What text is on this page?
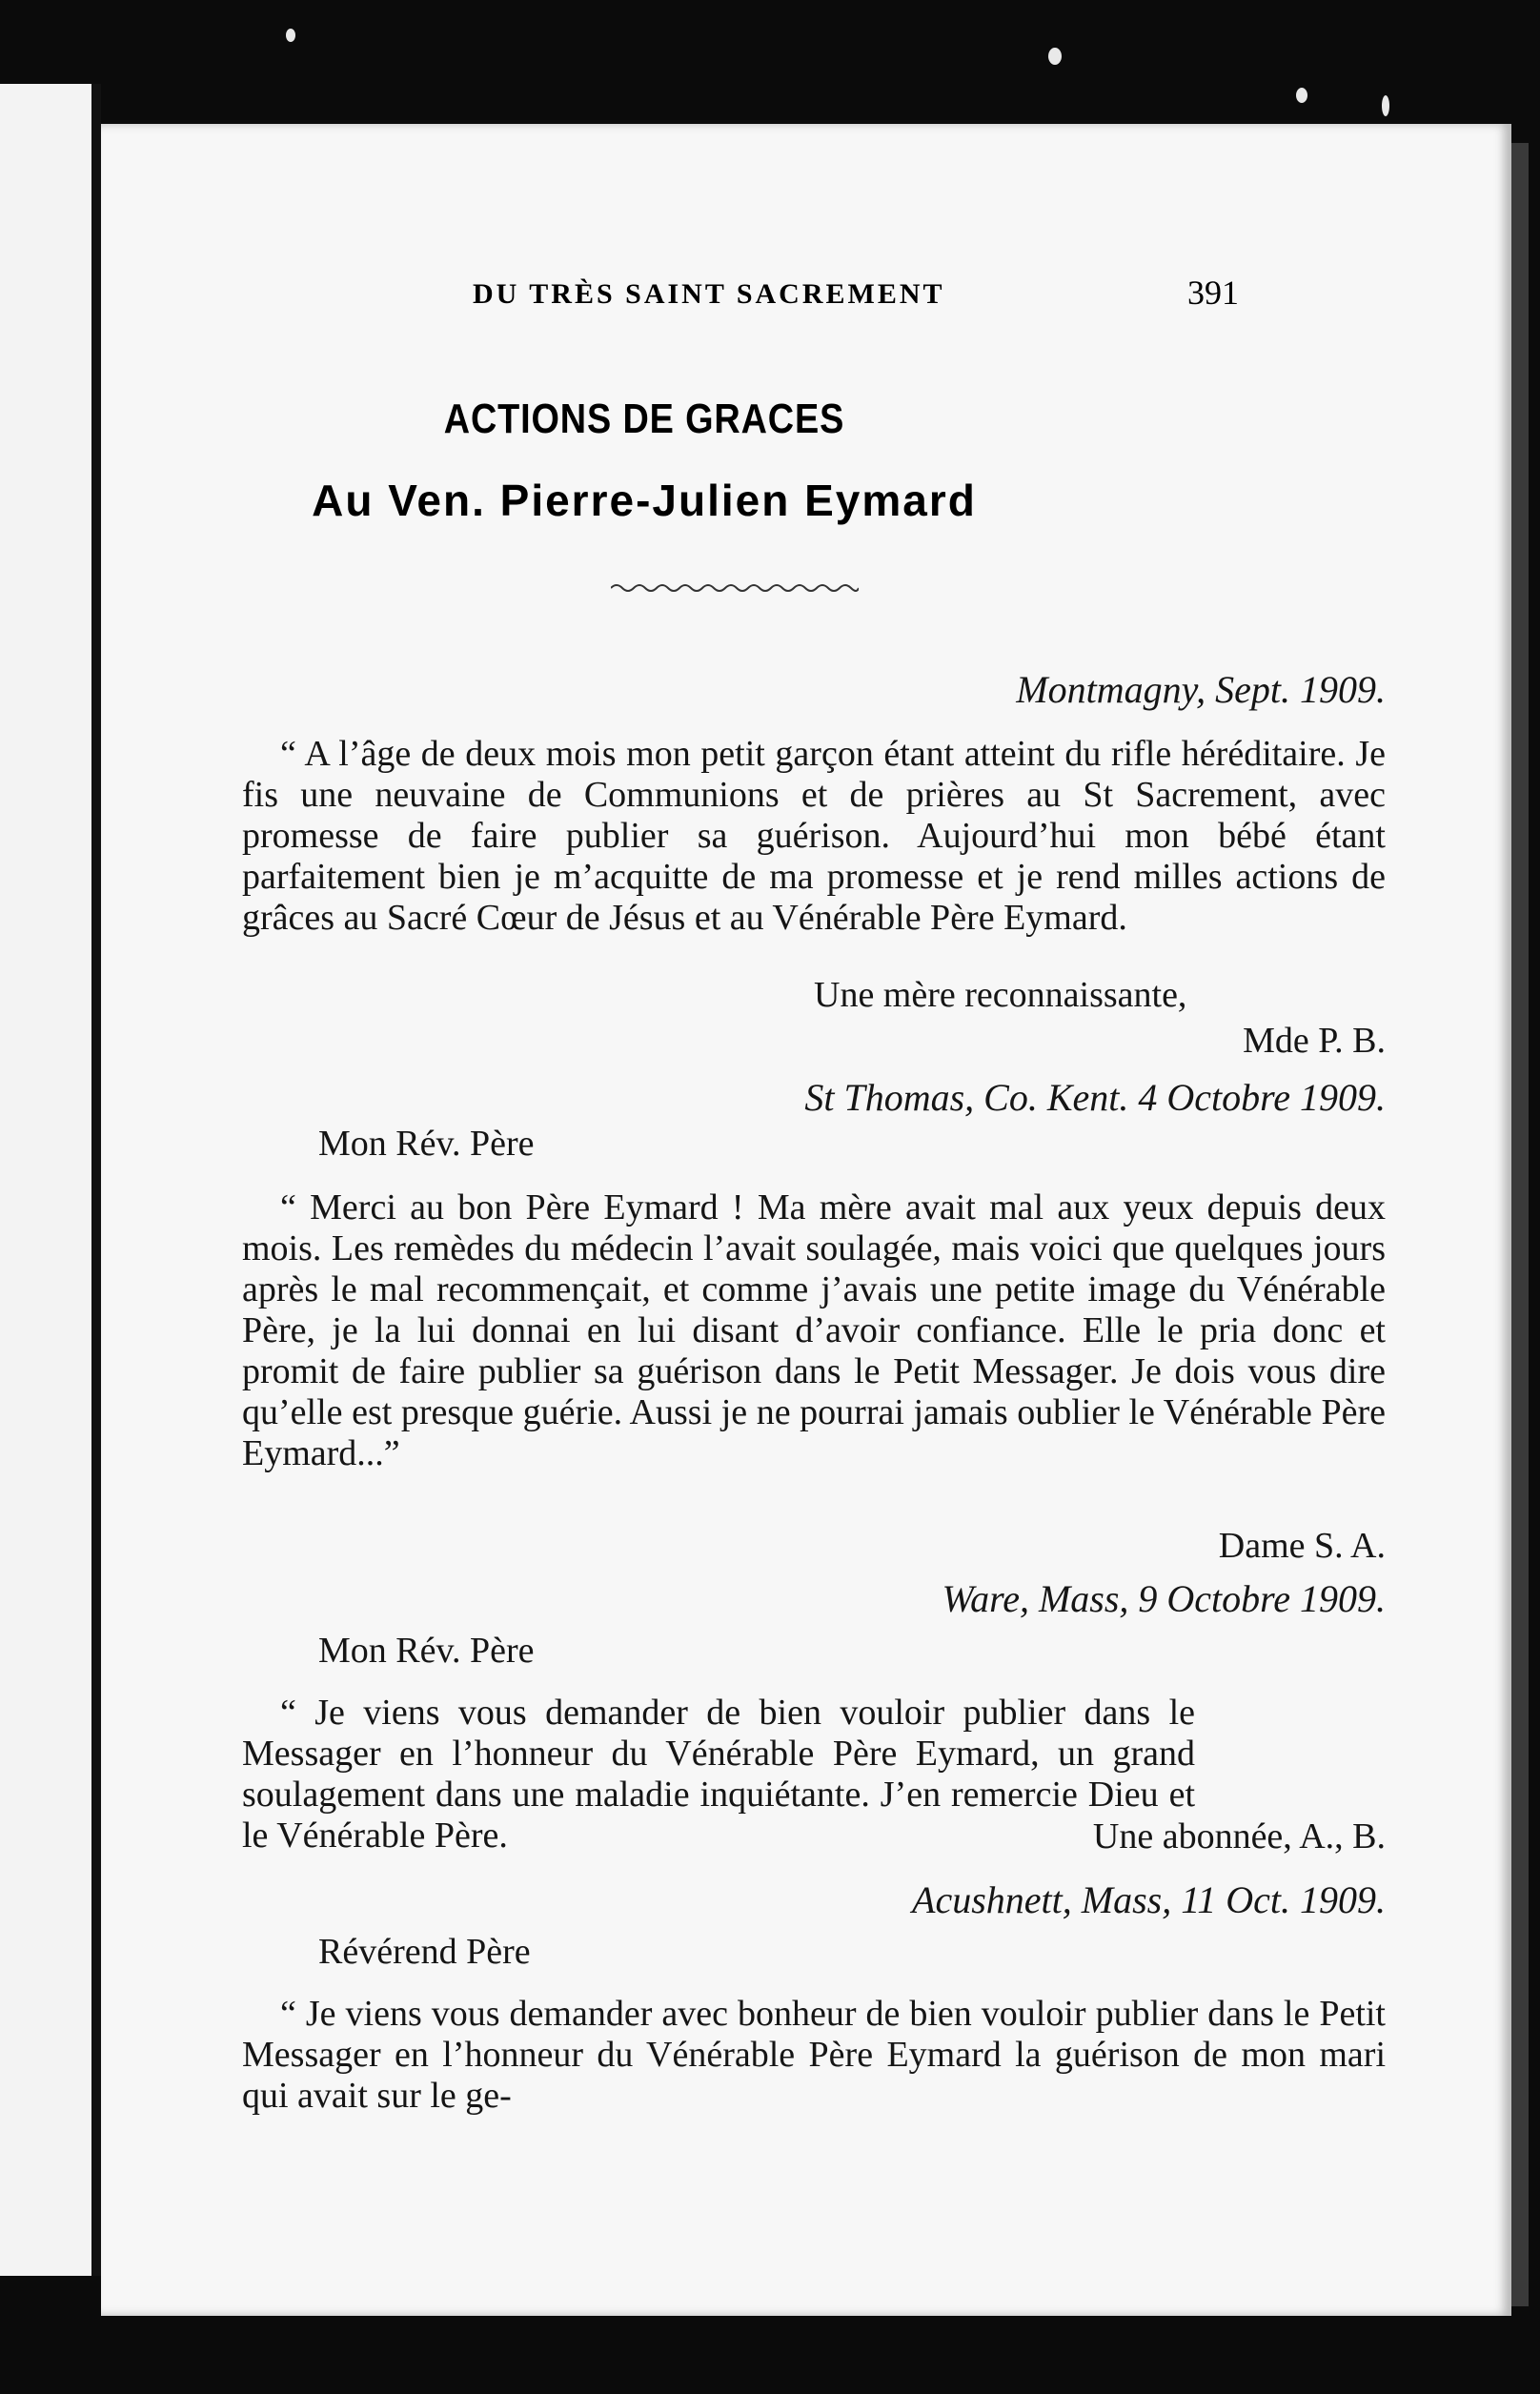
DU TRÈS SAINT SACREMENT	391
ACTIONS DE GRACES
Au Ven. Pierre-Julien Eymard
Montmagny, Sept. 1909.
“ A l’âge de deux mois mon petit garçon étant atteint du rifle héréditaire. Je fis une neuvaine de Communions et de prières au St Sacrement, avec promesse de faire publier sa guérison. Aujourd’hui mon bébé étant parfaitement bien je m’acquitte de ma promesse et je rend milles actions de grâces au Sacré Cœur de Jésus et au Vénérable Père Eymard.
Une mère reconnaissante,
Mde P. B.
St Thomas, Co. Kent. 4 Octobre 1909.
Mon Rév. Père
“ Merci au bon Père Eymard ! Ma mère avait mal aux yeux depuis deux mois. Les remèdes du médecin l’avait soulagée, mais voici que quelques jours après le mal recommençait, et comme j’avais une petite image du Vénérable Père, je la lui donnai en lui disant d’avoir confiance. Elle le pria donc et promit de faire publier sa guérison dans le Petit Messager. Je dois vous dire qu’elle est presque guérie. Aussi je ne pourrai jamais oublier le Vénérable Père Eymard...”
Dame S. A.
Ware, Mass, 9 Octobre 1909.
Mon Rév. Père
“ Je viens vous demander de bien vouloir publier dans le Messager en l’honneur du Vénérable Père Eymard, un grand soulagement dans une maladie inquiétante. J’en remercie Dieu et le Vénérable Père.	Une abonnée, A., B.
Acushnett, Mass, 11 Oct. 1909.
Révérend Père
“ Je viens vous demander avec bonheur de bien vouloir publier dans le Petit Messager en l’honneur du Vénérable Père Eymard la guérison de mon mari qui avait sur le ge-
